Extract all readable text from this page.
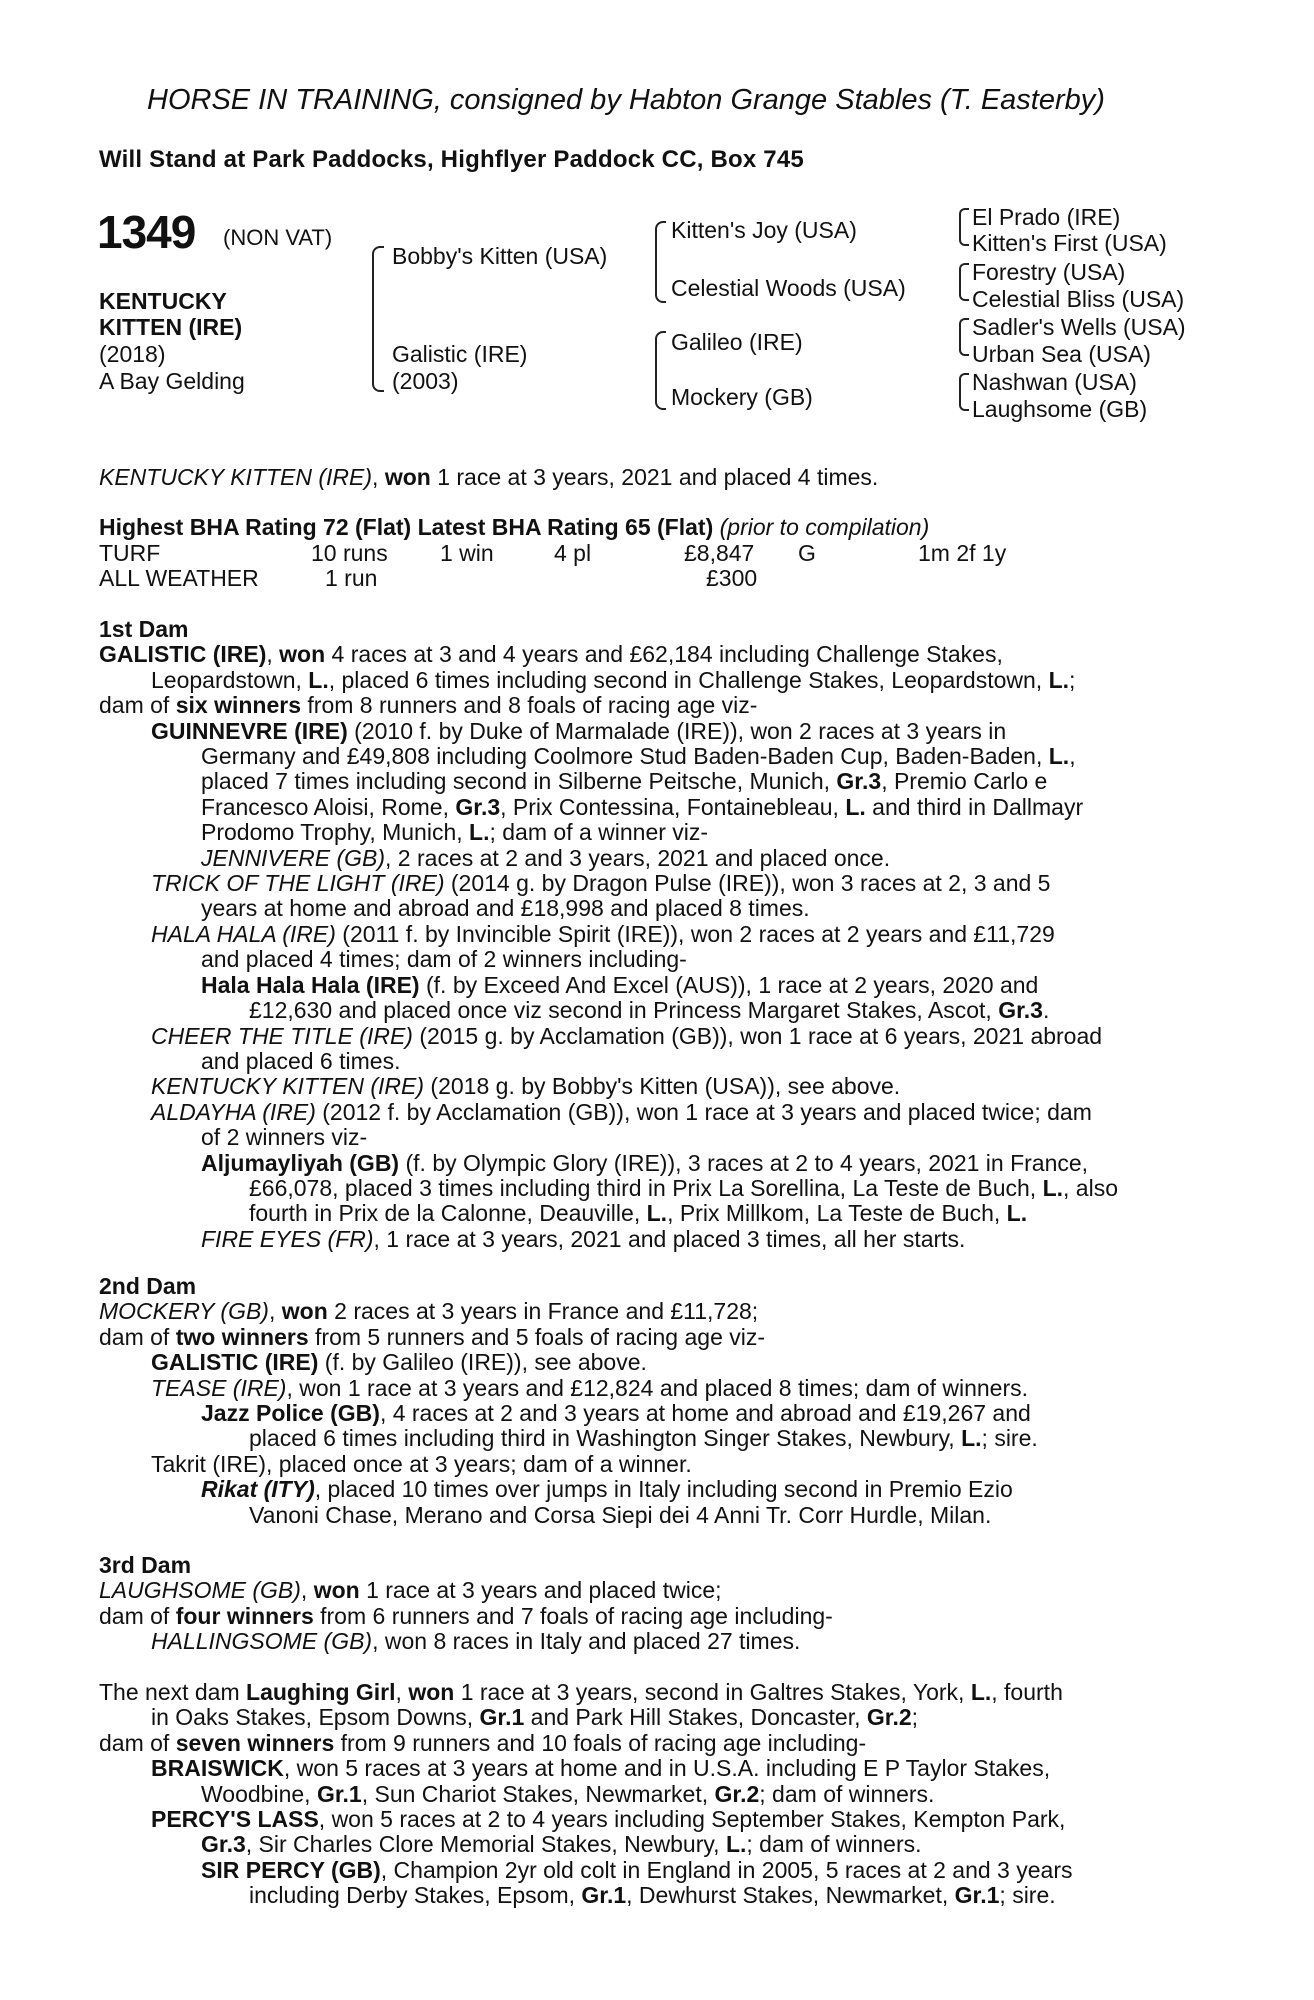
HORSE IN TRAINING, consigned by Habton Grange Stables (T. Easterby)
Will Stand at Park Paddocks, Highflyer Paddock CC, Box 745
1349 (NON VAT)
KENTUCKY
KITTEN (IRE)
(2018)
A Bay Gelding
Bobby's Kitten (USA)
Galistic (IRE)
(2003)
Kitten's Joy (USA)
Celestial Woods (USA)
Galileo (IRE)
Mockery (GB)
El Prado (IRE)
Kitten's First (USA)
Forestry (USA)
Celestial Bliss (USA)
Sadler's Wells (USA)
Urban Sea (USA)
Nashwan (USA)
Laughsome (GB)
KENTUCKY KITTEN (IRE), won 1 race at 3 years, 2021 and placed 4 times.
Highest BHA Rating 72 (Flat) Latest BHA Rating 65 (Flat) (prior to compilation)
TURF	10 runs 1 win	4 pl	£8,847 G	1m 2f 1y
ALL WEATHER	1 run	£300
1st Dam
GALISTIC (IRE), won 4 races at 3 and 4 years and £62,184 including Challenge Stakes,
Leopardstown, L., placed 6 times including second in Challenge Stakes, Leopardstown, L.;
dam of six winners from 8 runners and 8 foals of racing age viz-
GUINNEVRE (IRE) (2010 f. by Duke of Marmalade (IRE)), won 2 races at 3 years in
Germany and £49,808 including Coolmore Stud Baden-Baden Cup, Baden-Baden, L.,
placed 7 times including second in Silberne Peitsche, Munich, Gr.3, Premio Carlo e
Francesco Aloisi, Rome, Gr.3, Prix Contessina, Fontainebleau, L. and third in Dallmayr
Prodomo Trophy, Munich, L.; dam of a winner viz-
JENNIVERE (GB), 2 races at 2 and 3 years, 2021 and placed once.
TRICK OF THE LIGHT (IRE) (2014 g. by Dragon Pulse (IRE)), won 3 races at 2, 3 and 5
years at home and abroad and £18,998 and placed 8 times.
HALA HALA (IRE) (2011 f. by Invincible Spirit (IRE)), won 2 races at 2 years and £11,729
and placed 4 times; dam of 2 winners including-
Hala Hala Hala (IRE) (f. by Exceed And Excel (AUS)), 1 race at 2 years, 2020 and
£12,630 and placed once viz second in Princess Margaret Stakes, Ascot, Gr.3.
CHEER THE TITLE (IRE) (2015 g. by Acclamation (GB)), won 1 race at 6 years, 2021 abroad
and placed 6 times.
KENTUCKY KITTEN (IRE) (2018 g. by Bobby's Kitten (USA)), see above.
ALDAYHA (IRE) (2012 f. by Acclamation (GB)), won 1 race at 3 years and placed twice; dam
of 2 winners viz-
Aljumayliyah (GB) (f. by Olympic Glory (IRE)), 3 races at 2 to 4 years, 2021 in France,
£66,078, placed 3 times including third in Prix La Sorellina, La Teste de Buch, L., also
fourth in Prix de la Calonne, Deauville, L., Prix Millkom, La Teste de Buch, L.
FIRE EYES (FR), 1 race at 3 years, 2021 and placed 3 times, all her starts.
2nd Dam
MOCKERY (GB), won 2 races at 3 years in France and £11,728;
dam of two winners from 5 runners and 5 foals of racing age viz-
GALISTIC (IRE) (f. by Galileo (IRE)), see above.
TEASE (IRE), won 1 race at 3 years and £12,824 and placed 8 times; dam of winners.
Jazz Police (GB), 4 races at 2 and 3 years at home and abroad and £19,267 and
placed 6 times including third in Washington Singer Stakes, Newbury, L.; sire.
Takrit (IRE), placed once at 3 years; dam of a winner.
Rikat (ITY), placed 10 times over jumps in Italy including second in Premio Ezio
Vanoni Chase, Merano and Corsa Siepi dei 4 Anni Tr. Corr Hurdle, Milan.
3rd Dam
LAUGHSOME (GB), won 1 race at 3 years and placed twice;
dam of four winners from 6 runners and 7 foals of racing age including-
HALLINGSOME (GB), won 8 races in Italy and placed 27 times.
The next dam Laughing Girl, won 1 race at 3 years, second in Galtres Stakes, York, L., fourth
in Oaks Stakes, Epsom Downs, Gr.1 and Park Hill Stakes, Doncaster, Gr.2;
dam of seven winners from 9 runners and 10 foals of racing age including-
BRAISWICK, won 5 races at 3 years at home and in U.S.A. including E P Taylor Stakes,
Woodbine, Gr.1, Sun Chariot Stakes, Newmarket, Gr.2; dam of winners.
PERCY'S LASS, won 5 races at 2 to 4 years including September Stakes, Kempton Park,
Gr.3, Sir Charles Clore Memorial Stakes, Newbury, L.; dam of winners.
SIR PERCY (GB), Champion 2yr old colt in England in 2005, 5 races at 2 and 3 years
including Derby Stakes, Epsom, Gr.1, Dewhurst Stakes, Newmarket, Gr.1; sire.
